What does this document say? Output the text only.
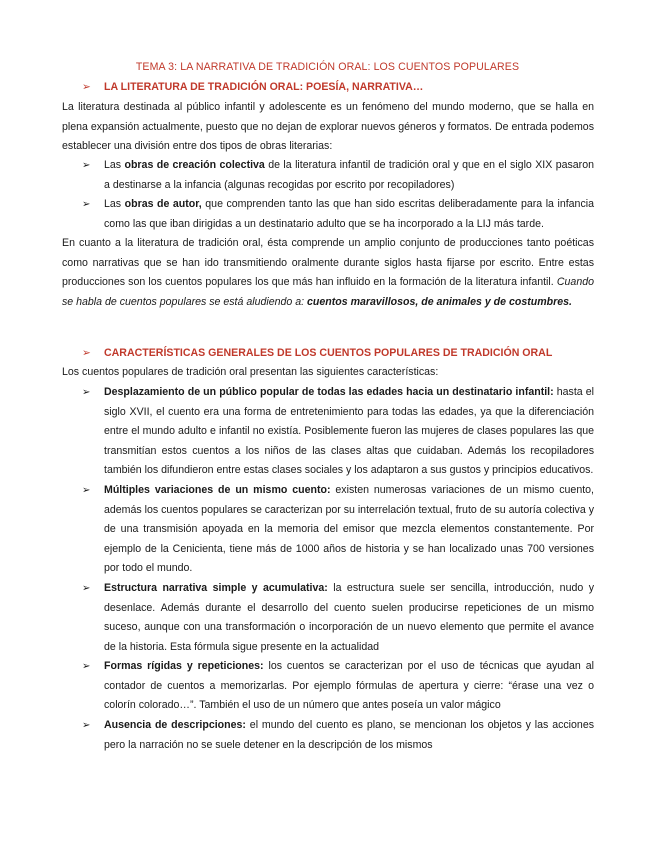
TEMA 3: LA NARRATIVA DE TRADICIÓN ORAL: LOS CUENTOS POPULARES
➢ LA LITERATURA DE TRADICIÓN ORAL: POESÍA, NARRATIVA…
La literatura destinada al público infantil y adolescente es un fenómeno del mundo moderno, que se halla en plena expansión actualmente, puesto que no dejan de explorar nuevos géneros y formatos. De entrada podemos establecer una división entre dos tipos de obras literarias:
➢	Las obras de creación colectiva de la literatura infantil de tradición oral y que en el siglo XIX pasaron a destinarse a la infancia (algunas recogidas por escrito por recopiladores)
➢	Las obras de autor, que comprenden tanto las que han sido escritas deliberadamente para la infancia como las que iban dirigidas a un destinatario adulto que se ha incorporado a la LIJ más tarde.
En cuanto a la literatura de tradición oral, ésta comprende un amplio conjunto de producciones tanto poéticas como narrativas que se han ido transmitiendo oralmente durante siglos hasta fijarse por escrito. Entre estas producciones son los cuentos populares los que más han influido en la formación de la literatura infantil. Cuando se habla de cuentos populares se está aludiendo a: cuentos maravillosos, de animales y de costumbres.
➢ CARACTERÍSTICAS GENERALES DE LOS CUENTOS POPULARES DE TRADICIÓN ORAL
Los cuentos populares de tradición oral presentan las siguientes características:
➢	Desplazamiento de un público popular de todas las edades hacia un destinatario infantil: hasta el siglo XVII, el cuento era una forma de entretenimiento para todas las edades, ya que la diferenciación entre el mundo adulto e infantil no existía. Posiblemente fueron las mujeres de clases populares las que transmitían estos cuentos a los niños de las clases altas que cuidaban. Además los recopiladores también los difundieron entre estas clases sociales y los adaptaron a sus gustos y principios educativos.
➢	Múltiples variaciones de un mismo cuento: existen numerosas variaciones de un mismo cuento, además los cuentos populares se caracterizan por su interrelación textual, fruto de su autoría colectiva y de una transmisión apoyada en la memoria del emisor que mezcla elementos constantemente. Por ejemplo de la Cenicienta, tiene más de 1000 años de historia y se han localizado unas 700 versiones por todo el mundo.
➢	Estructura narrativa simple y acumulativa: la estructura suele ser sencilla, introducción, nudo y desenlace. Además durante el desarrollo del cuento suelen producirse repeticiones de un mismo suceso, aunque con una transformación o incorporación de un nuevo elemento que permite el avance de la historia. Esta fórmula sigue presente en la actualidad
➢	Formas rígidas y repeticiones: los cuentos se caracterizan por el uso de técnicas que ayudan al contador de cuentos a memorizarlas. Por ejemplo fórmulas de apertura y cierre: “érase una vez o colorín colorado…”. También el uso de un número que antes poseía un valor mágico
➢	Ausencia de descripciones: el mundo del cuento es plano, se mencionan los objetos y las acciones pero la narración no se suele detener en la descripción de los mismos
